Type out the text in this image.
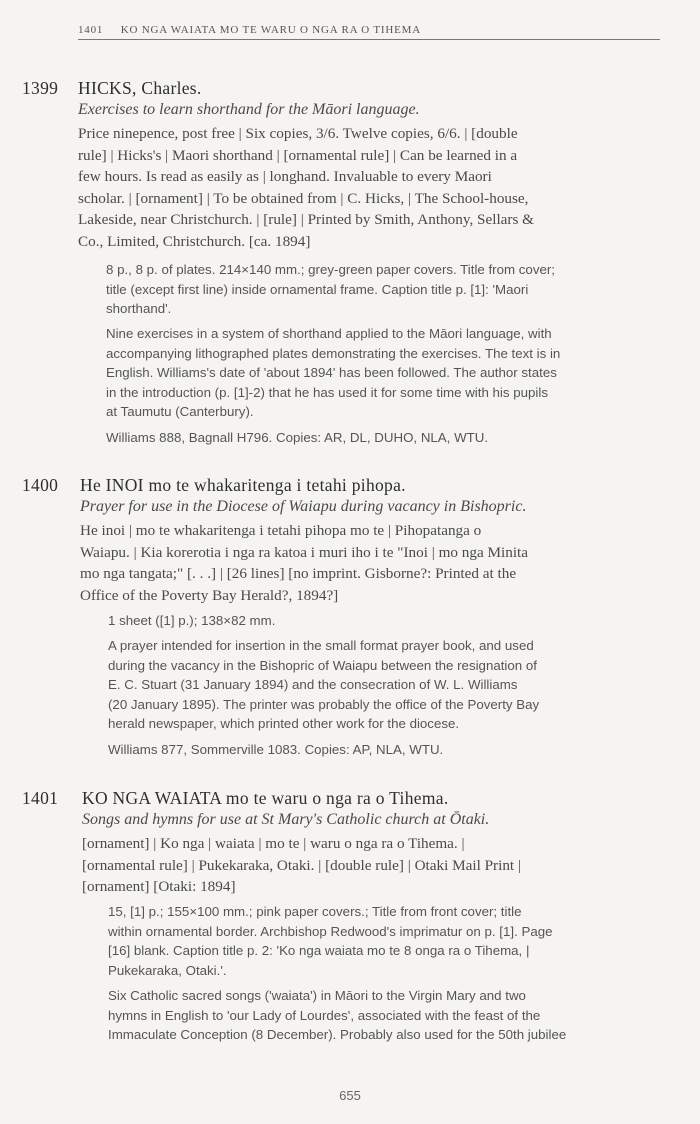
1401 KO NGA WAIATA MO TE WARU O NGA RA O TIHEMA
1399 HICKS, Charles.
Exercises to learn shorthand for the Māori language.
Price ninepence, post free | Six copies, 3/6. Twelve copies, 6/6. | [double
rule] | Hicks's | Maori shorthand | [ornamental rule] | Can be learned in a
few hours. Is read as easily as | longhand. Invaluable to every Maori
scholar. | [ornament] | To be obtained from | C. Hicks, | The School-house,
Lakeside, near Christchurch. | [rule] | Printed by Smith, Anthony, Sellars &
Co., Limited, Christchurch. [ca. 1894]
8 p., 8 p. of plates. 214×140 mm.; grey-green paper covers. Title from cover;
title (except first line) inside ornamental frame. Caption title p. [1]: 'Maori
shorthand'.
Nine exercises in a system of shorthand applied to the Māori language, with
accompanying lithographed plates demonstrating the exercises. The text is in
English. Williams's date of 'about 1894' has been followed. The author states
in the introduction (p. [1]-2) that he has used it for some time with his pupils
at Taumutu (Canterbury).
Williams 888, Bagnall H796. Copies: AR, DL, DUHO, NLA, WTU.
1400 He INOI mo te whakaritenga i tetahi pihopa.
Prayer for use in the Diocese of Waiapu during vacancy in Bishopric.
He inoi | mo te whakaritenga i tetahi pihopa mo te | Pihopatanga o
Waiapu. | Kia korerotia i nga ra katoa i muri iho i te "Inoi | mo nga Minita
mo nga tangata;" [. . .] | [26 lines] [no imprint. Gisborne?: Printed at the
Office of the Poverty Bay Herald?, 1894?]
1 sheet ([1] p.); 138×82 mm.
A prayer intended for insertion in the small format prayer book, and used
during the vacancy in the Bishopric of Waiapu between the resignation of
E. C. Stuart (31 January 1894) and the consecration of W. L. Williams
(20 January 1895). The printer was probably the office of the Poverty Bay
herald newspaper, which printed other work for the diocese.
Williams 877, Sommerville 1083. Copies: AP, NLA, WTU.
1401 KO NGA WAIATA mo te waru o nga ra o Tihema.
Songs and hymns for use at St Mary's Catholic church at Ōtaki.
[ornament] | Ko nga | waiata | mo te | waru o nga ra o Tihema. |
[ornamental rule] | Pukekaraka, Otaki. | [double rule] | Otaki Mail Print |
[ornament] [Otaki: 1894]
15, [1] p.; 155×100 mm.; pink paper covers.; Title from front cover; title
within ornamental border. Archbishop Redwood's imprimatur on p. [1]. Page
[16] blank. Caption title p. 2: 'Ko nga waiata mo te 8 onga ra o Tihema, |
Pukekaraka, Otaki.'.
Six Catholic sacred songs ('waiata') in Māori to the Virgin Mary and two
hymns in English to 'our Lady of Lourdes', associated with the feast of the
Immaculate Conception (8 December). Probably also used for the 50th jubilee
655
